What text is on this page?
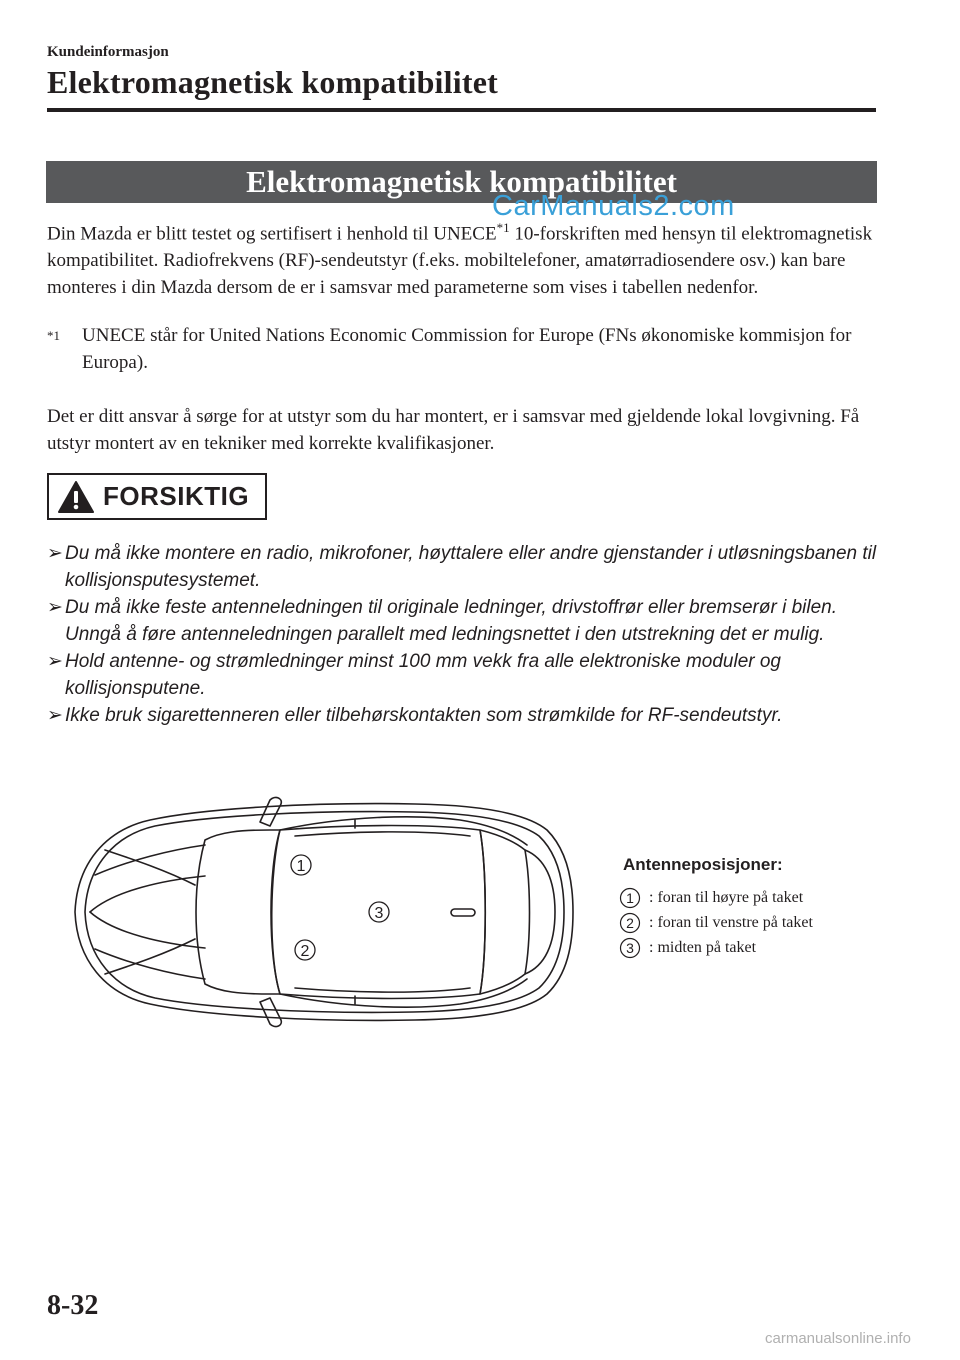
Kundeinformasjon
Elektromagnetisk kompatibilitet
Elektromagnetisk kompatibilitet
CarManuals2.com
Din Mazda er blitt testet og sertifisert i henhold til UNECE$^{*1}$ 10-forskriften med hensyn til elektromagnetisk kompatibilitet. Radiofrekvens (RF)-sendeutstyr (f.eks. mobiltelefoner, amatørradiosendere osv.) kan bare monteres i din Mazda dersom de er i samsvar med parameterne som vises i tabellen nedenfor.
$^{*1}$ UNECE står for United Nations Economic Commission for Europe (FNs økonomiske kommisjon for Europa).
Det er ditt ansvar å sørge for at utstyr som du har montert, er i samsvar med gjeldende lokal lovgivning. Få utstyr montert av en tekniker med korrekte kvalifikasjoner.
FORSIKTIG
➢ Du må ikke montere en radio, mikrofoner, høyttalere eller andre gjenstander i utløsningsbanen til kollisjonsputesystemet.
➢ Du må ikke feste antenneledningen til originale ledninger, drivstoffrør eller bremserør i bilen. Unngå å føre antenneledningen parallelt med ledningsnettet i den utstrekning det er mulig.
➢ Hold antenne- og strømledninger minst 100 mm vekk fra alle elektroniske moduler og kollisjonsputene.
➢ Ikke bruk sigarettenneren eller tilbehørskontakten som strømkilde for RF-sendeutstyr.
1
2
3
Antenneposisjoner:
1 : foran til høyre på taket
2 : foran til venstre på taket
3 : midten på taket
8-32
carmanualsonline.info
